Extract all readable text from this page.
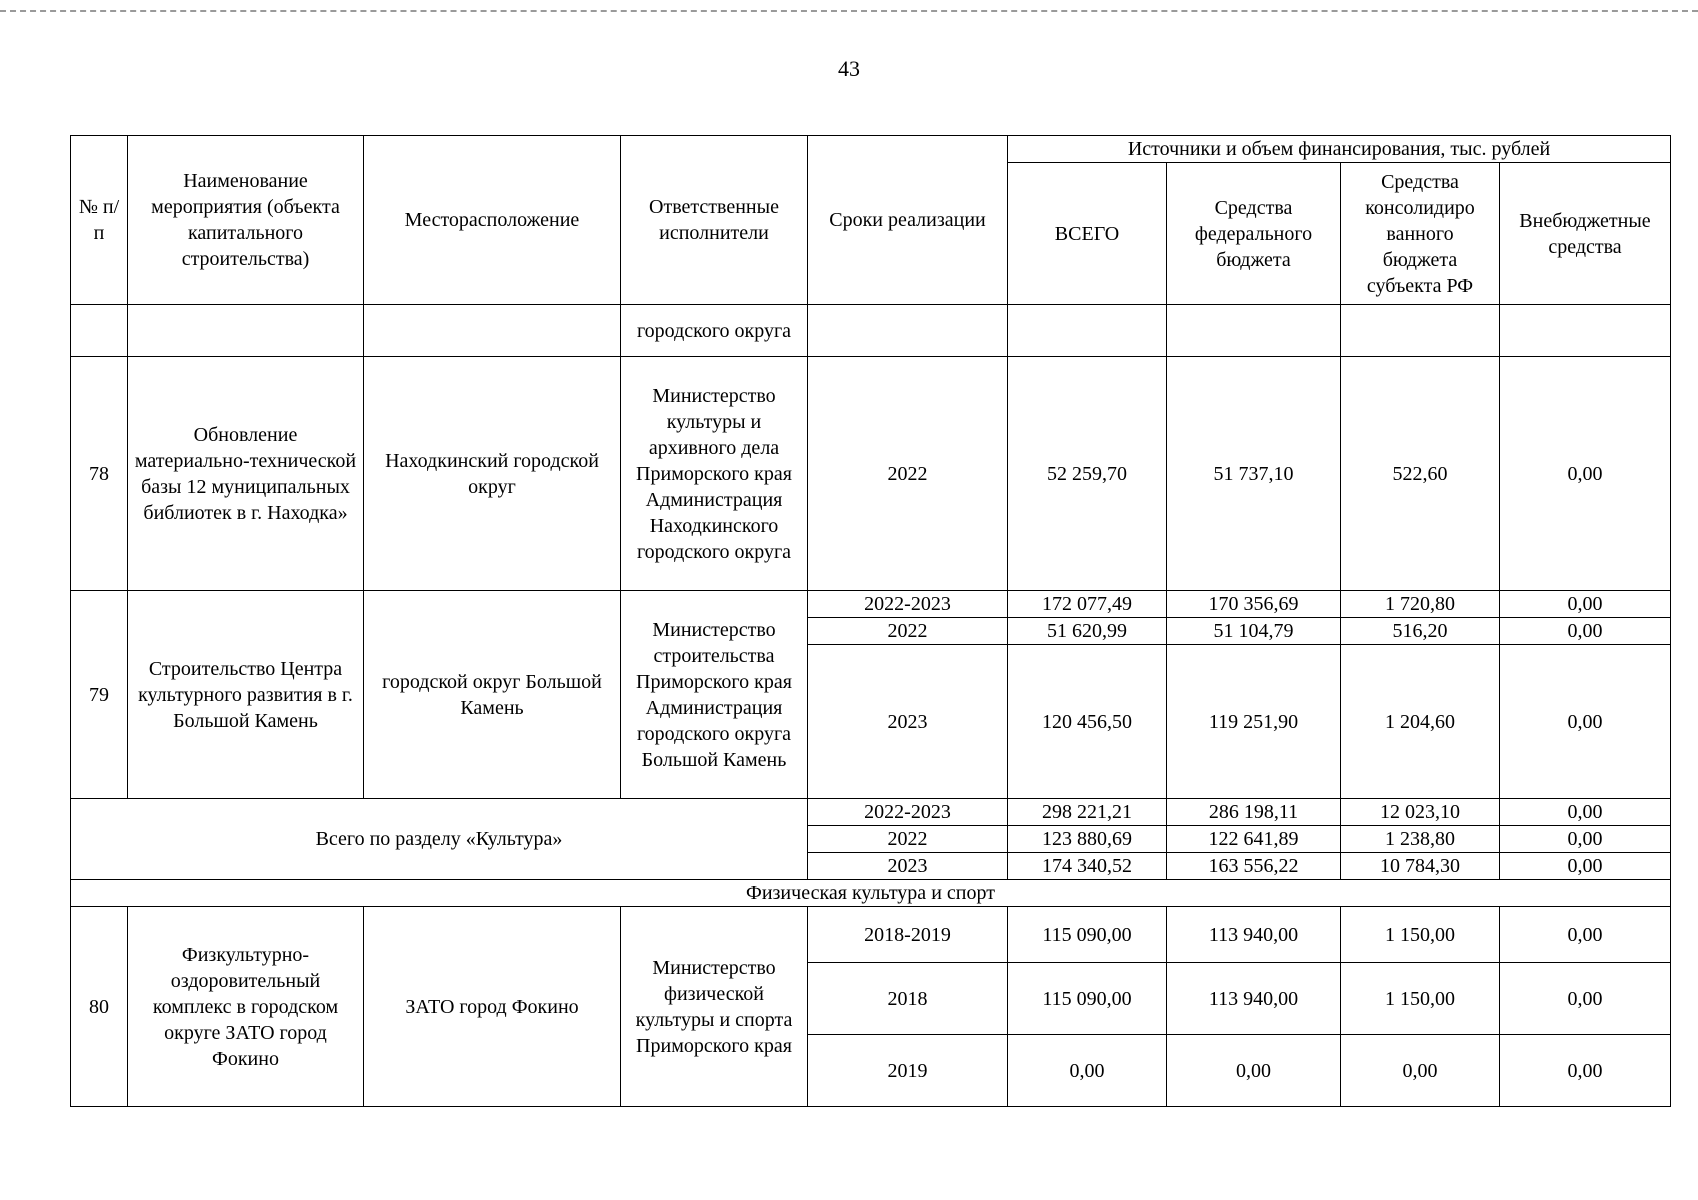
43
№ п/п	Наименование мероприятия (объекта капитального строительства)	Месторасположение	Ответственные исполнители	Сроки реализации	Источники и объем финансирования, тыс. рублей			
					ВСЕГО	Средства федерального бюджета	Средства консолидиро ванного бюджета субъекта РФ	Внебюджетные средства
			городского округа					
78	Обновление материально-технической базы 12 муниципальных библиотек в г. Находка»	Находкинский городской округ	Министерство культуры и архивного дела Приморского края Администрация Находкинского городского округа	2022	52 259,70	51 737,10	522,60	0,00
79	Строительство Центра культурного развития в г. Большой Камень	городской округ Большой Камень	Министерство строительства Приморского края Администрация городского округа Большой Камень	2022-2023	172 077,49	170 356,69	1 720,80	0,00
				2022	51 620,99	51 104,79	516,20	0,00
				2023	120 456,50	119 251,90	1 204,60	0,00
Всего по разделу «Культура»				2022-2023	298 221,21	286 198,11	12 023,10	0,00
				2022	123 880,69	122 641,89	1 238,80	0,00
				2023	174 340,52	163 556,22	10 784,30	0,00
Физическая культура и спорт								
80	Физкультурно-оздоровительный комплекс в городском округе ЗАТО город Фокино	ЗАТО город Фокино	Министерство физической культуры и спорта Приморского края	2018-2019	115 090,00	113 940,00	1 150,00	0,00
				2018	115 090,00	113 940,00	1 150,00	0,00
				2019	0,00	0,00	0,00	0,00
